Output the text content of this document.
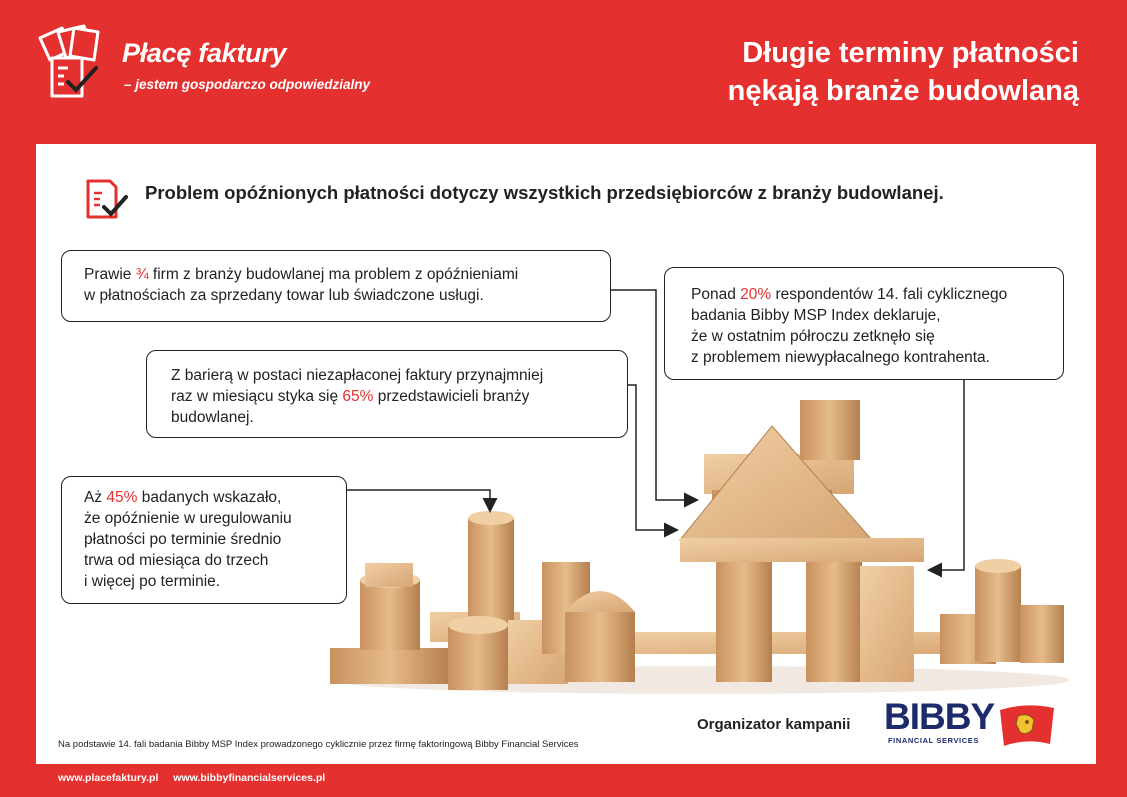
Płacę faktury
– jestem gospodarczo odpowiedzialny
Długie terminy płatności
nękają branże budowlaną
Problem opóźnionych płatności dotyczy wszystkich przedsiębiorców z branży budowlanej.
Prawie ¾ firm z branży budowlanej ma problem z opóźnieniami
w płatnościach za sprzedany towar lub świadczone usługi.
Z barierą w postaci niezapłaconej faktury przynajmniej
raz w miesiącu styka się 65% przedstawicieli branży
budowlanej.
Aż 45% badanych wskazało,
że opóźnienie w uregulowaniu
płatności po terminie średnio
trwa od miesiąca do trzech
i więcej po terminie.
Ponad 20% respondentów 14. fali cyklicznego
badania Bibby MSP Index deklaruje,
że w ostatnim półroczu zetknęło się
z problemem niewypłacalnego kontrahenta.
Na podstawie 14. fali badania Bibby MSP Index prowadzonego cyklicznie przez firmę faktoringową Bibby Financial Services
Organizator kampanii BIBBY
FINANCIAL SERVICES
www.placefaktury.pl www.bibbyfinancialservices.pl
